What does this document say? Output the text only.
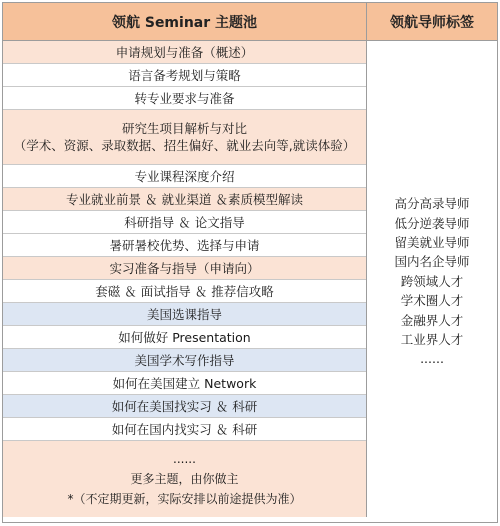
领航 Seminar 主题池	领航导师标签
申请规划与准备（概述）
语言备考规划与策略
转专业要求与准备
研究生项目解析与对比
（学术、资源、录取数据、招生偏好、就业去向等,就读体验）
专业课程深度介绍
专业就业前景 ＆ 就业渠道 ＆素质模型解读
科研指导 ＆ 论文指导
暑研暑校优势、选择与申请
实习准备与指导（申请向）
套磁 ＆ 面试指导 ＆ 推荐信攻略
美国选课指导
如何做好 Presentation
美国学术写作指导
如何在美国建立 Network
如何在美国找实习 ＆ 科研
如何在国内找实习 ＆ 科研
......
更多主题，由你做主
*（不定期更新，实际安排以前途提供为准）
高分高录导师
低分逆袭导师
留美就业导师
国内名企导师
跨领域人才
学术圈人才
金融界人才
工业界人才
......
